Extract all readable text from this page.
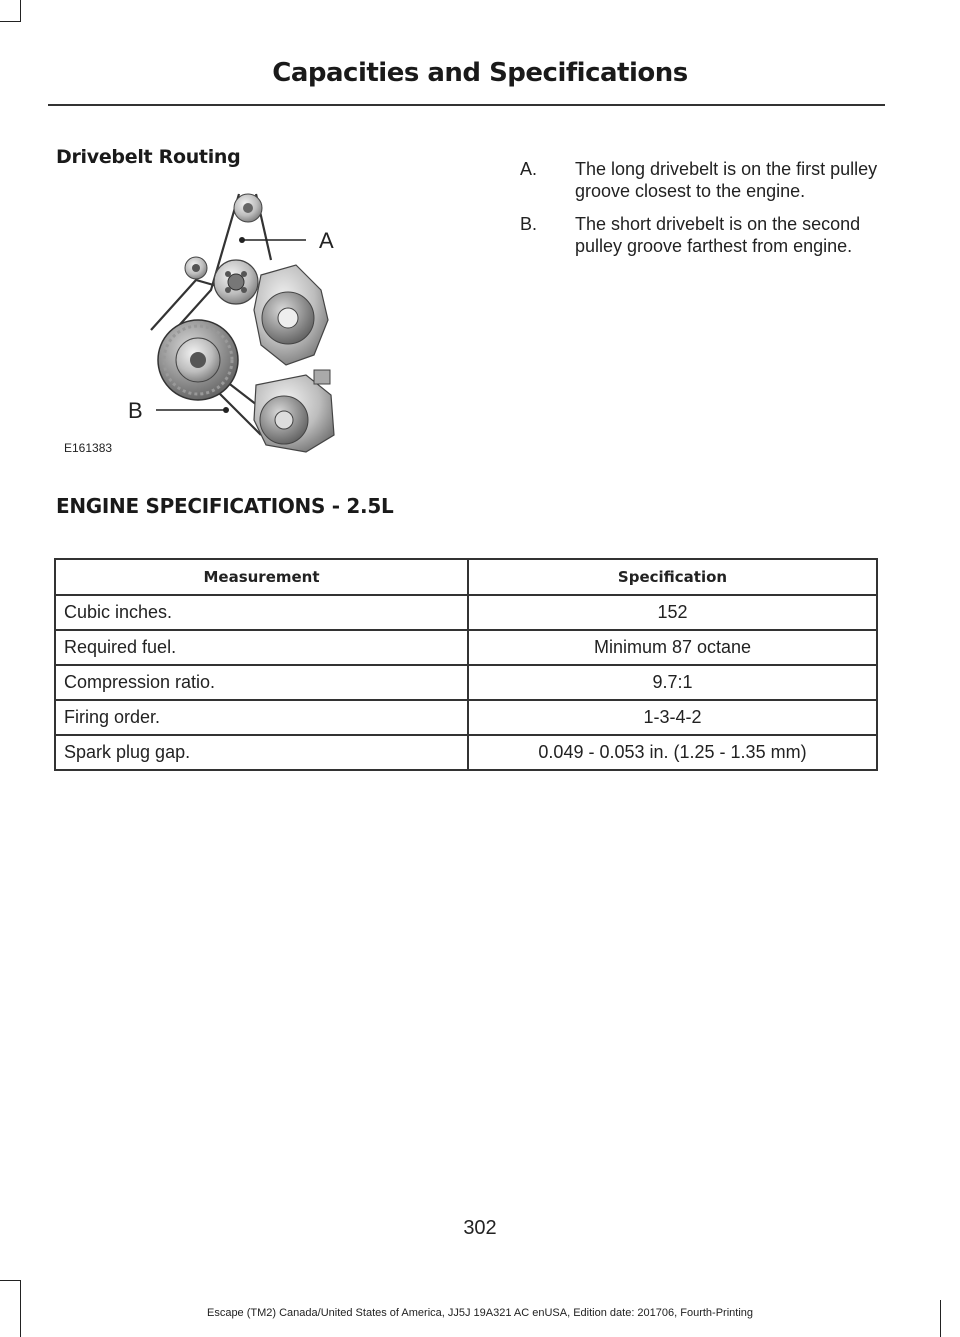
Capacities and Specifications
Drivebelt Routing
A
B
E161383
A.	The long drivebelt is on the first pulley groove closest to the engine.
B.	The short drivebelt is on the second pulley groove farthest from engine.
ENGINE SPECIFICATIONS - 2.5L
Measurement	Specification
Cubic inches.	152
Required fuel.	Minimum 87 octane
Compression ratio.	9.7:1
Firing order.	1-3-4-2
Spark plug gap.	0.049 - 0.053 in. (1.25 - 1.35 mm)
302
Escape (TM2) Canada/United States of America, JJ5J 19A321 AC enUSA, Edition date: 201706, Fourth-Printing
